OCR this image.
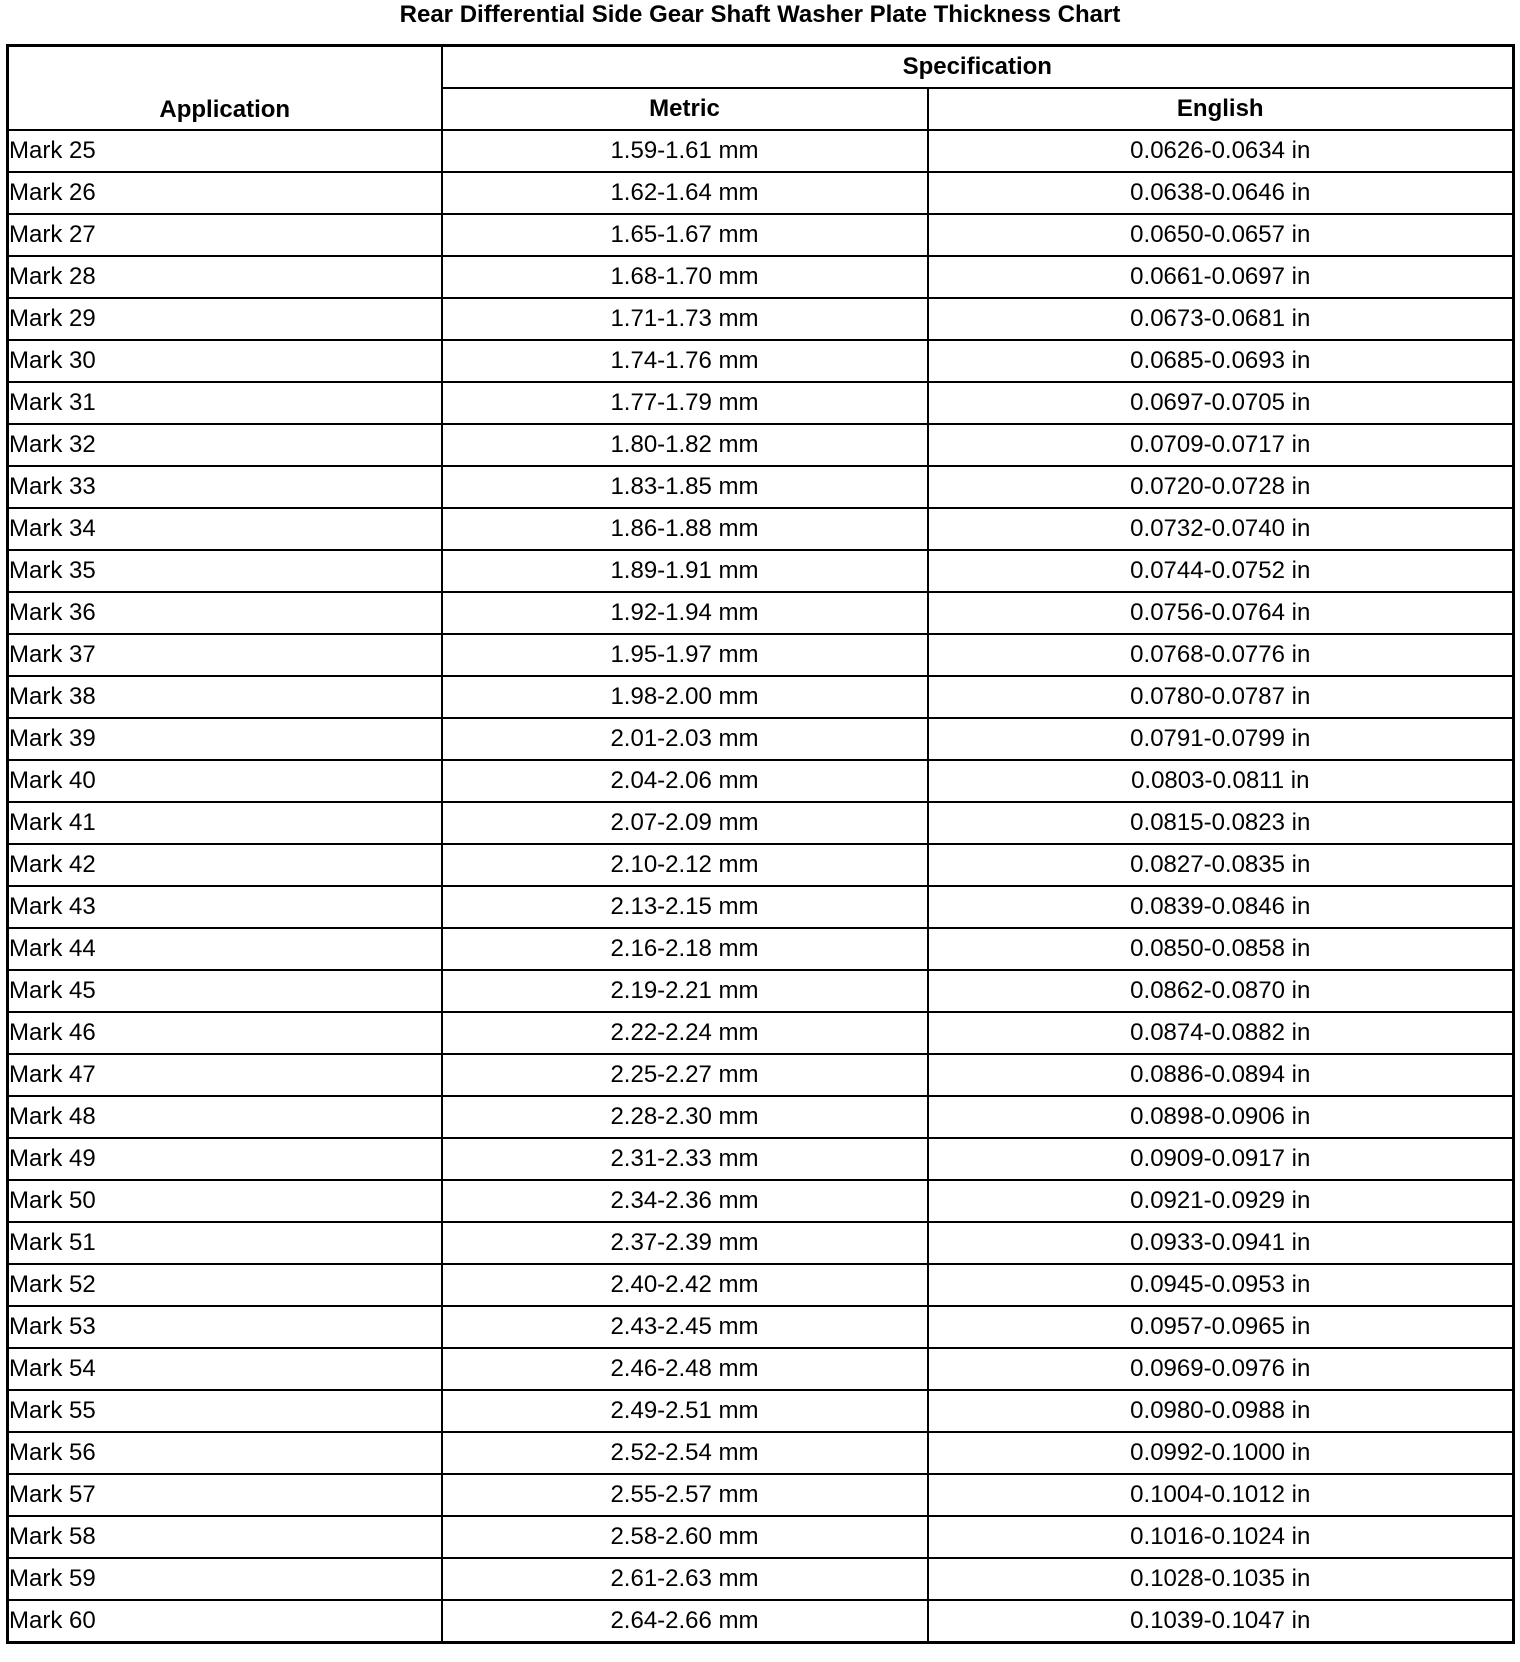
Rear Differential Side Gear Shaft Washer Plate Thickness Chart
Application	Specification	
	Metric	English
Mark 25	1.59-1.61 mm	0.0626-0.0634 in
Mark 26	1.62-1.64 mm	0.0638-0.0646 in
Mark 27	1.65-1.67 mm	0.0650-0.0657 in
Mark 28	1.68-1.70 mm	0.0661-0.0697 in
Mark 29	1.71-1.73 mm	0.0673-0.0681 in
Mark 30	1.74-1.76 mm	0.0685-0.0693 in
Mark 31	1.77-1.79 mm	0.0697-0.0705 in
Mark 32	1.80-1.82 mm	0.0709-0.0717 in
Mark 33	1.83-1.85 mm	0.0720-0.0728 in
Mark 34	1.86-1.88 mm	0.0732-0.0740 in
Mark 35	1.89-1.91 mm	0.0744-0.0752 in
Mark 36	1.92-1.94 mm	0.0756-0.0764 in
Mark 37	1.95-1.97 mm	0.0768-0.0776 in
Mark 38	1.98-2.00 mm	0.0780-0.0787 in
Mark 39	2.01-2.03 mm	0.0791-0.0799 in
Mark 40	2.04-2.06 mm	0.0803-0.0811 in
Mark 41	2.07-2.09 mm	0.0815-0.0823 in
Mark 42	2.10-2.12 mm	0.0827-0.0835 in
Mark 43	2.13-2.15 mm	0.0839-0.0846 in
Mark 44	2.16-2.18 mm	0.0850-0.0858 in
Mark 45	2.19-2.21 mm	0.0862-0.0870 in
Mark 46	2.22-2.24 mm	0.0874-0.0882 in
Mark 47	2.25-2.27 mm	0.0886-0.0894 in
Mark 48	2.28-2.30 mm	0.0898-0.0906 in
Mark 49	2.31-2.33 mm	0.0909-0.0917 in
Mark 50	2.34-2.36 mm	0.0921-0.0929 in
Mark 51	2.37-2.39 mm	0.0933-0.0941 in
Mark 52	2.40-2.42 mm	0.0945-0.0953 in
Mark 53	2.43-2.45 mm	0.0957-0.0965 in
Mark 54	2.46-2.48 mm	0.0969-0.0976 in
Mark 55	2.49-2.51 mm	0.0980-0.0988 in
Mark 56	2.52-2.54 mm	0.0992-0.1000 in
Mark 57	2.55-2.57 mm	0.1004-0.1012 in
Mark 58	2.58-2.60 mm	0.1016-0.1024 in
Mark 59	2.61-2.63 mm	0.1028-0.1035 in
Mark 60	2.64-2.66 mm	0.1039-0.1047 in
